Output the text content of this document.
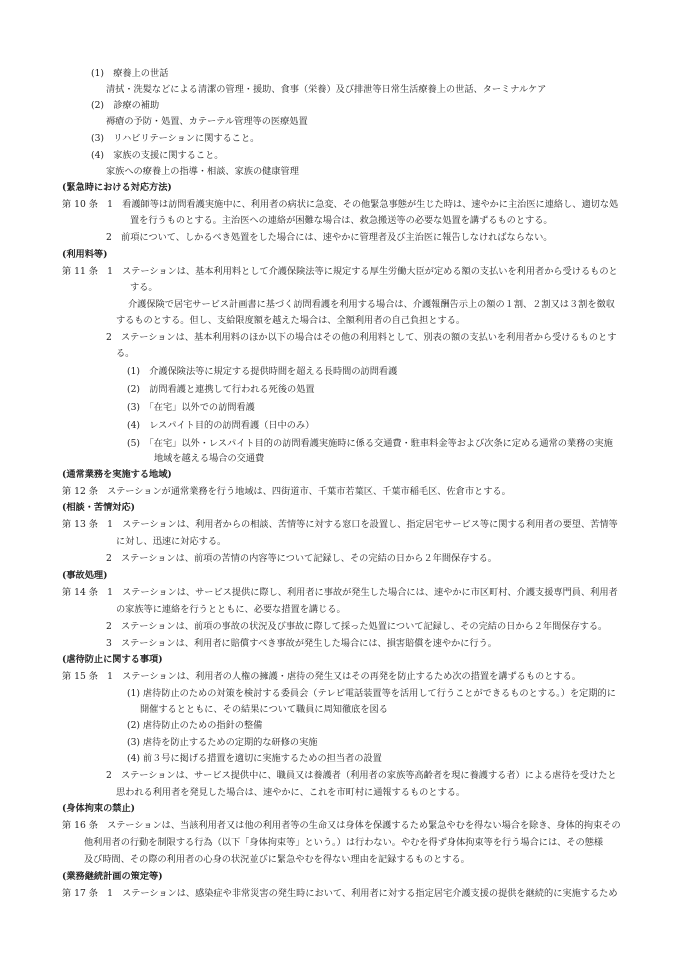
(1)　療養上の世話
清拭・洗髪などによる清潔の管理・援助、食事（栄養）及び排泄等日常生活療養上の世話、ターミナルケア
(2)　診療の補助
褥瘡の予防・処置、カテーテル管理等の医療処置
(3)　リハビリテーションに関すること。
(4)　家族の支援に関すること。
家族への療養上の指導・相談、家族の健康管理
(緊急時における対応方法)
第 10 条　1　看護師等は訪問看護実施中に、利用者の病状に急変、その他緊急事態が生じた時は、速やかに主治医に連絡し、適切な処
置を行うものとする。主治医への連絡が困難な場合は、救急搬送等の必要な処置を講ずるものとする。
2　前項について、しかるべき処置をした場合には、速やかに管理者及び主治医に報告しなければならない。
(利用料等)
第 11 条　1　ステーションは、基本利用料として介護保険法等に規定する厚生労働大臣が定める額の支払いを利用者から受けるものと
する。
介護保険で居宅サービス計画書に基づく訪問看護を利用する場合は、介護報酬告示上の額の１割、２割又は３割を徴収
するものとする。但し、支給限度額を越えた場合は、全額利用者の自己負担とする。
2　ステーションは、基本利用料のほか以下の場合はその他の利用料として、別表の額の支払いを利用者から受けるものとす
る。
(1)　介護保険法等に規定する提供時間を超える長時間の訪問看護
(2)　訪問看護と連携して行われる死後の処置
(3)　「在宅」以外での訪問看護
(4)　レスパイト目的の訪問看護（日中のみ）
(5)　「在宅」以外・レスパイト目的の訪問看護実施時に係る交通費・駐車料金等および次条に定める通常の業務の実施
地域を越える場合の交通費
(通常業務を実施する地域)
第 12 条　ステーションが通常業務を行う地域は、四街道市、千葉市若葉区、千葉市稲毛区、佐倉市とする。
(相談・苦情対応)
第 13 条　1　ステーションは、利用者からの相談、苦情等に対する窓口を設置し、指定居宅サービス等に関する利用者の要望、苦情等
に対し、迅速に対応する。
2　ステーションは、前項の苦情の内容等について記録し、その完結の日から２年間保存する。
(事故処理)
第 14 条　1　ステーションは、サービス提供に際し、利用者に事故が発生した場合には、速やかに市区町村、介護支援専門員、利用者
の家族等に連絡を行うとともに、必要な措置を講じる。
2　ステーションは、前項の事故の状況及び事故に際して採った処置について記録し、その完結の日から２年間保存する。
3　ステーションは、利用者に賠償すべき事故が発生した場合には、損害賠償を速やかに行う。
(虐待防止に関する事項)
第 15 条　1　ステーションは、利用者の人権の擁護・虐待の発生又はその再発を防止するため次の措置を講ずるものとする。
(1) 虐待防止のための対策を検討する委員会（テレビ電話装置等を活用して行うことができるものとする。）を定期的に
開催するとともに、その結果について職員に周知徹底を図る
(2) 虐待防止のための指針の整備
(3) 虐待を防止するための定期的な研修の実施
(4) 前３号に掲げる措置を適切に実施するための担当者の設置
2　ステーションは、サービス提供中に、職員又は養護者（利用者の家族等高齢者を現に養護する者）による虐待を受けたと
思われる利用者を発見した場合は、速やかに、これを市町村に通報するものとする。
(身体拘束の禁止)
第 16 条　ステーションは、当該利用者又は他の利用者等の生命又は身体を保護するため緊急やむを得ない場合を除き、身体的拘束その
他利用者の行動を制限する行為（以下「身体拘束等」という。）は行わない。やむを得ず身体拘束等を行う場合には、その態様
及び時間、その際の利用者の心身の状況並びに緊急やむを得ない理由を記録するものとする。
(業務継続計画の策定等)
第 17 条　1　ステーションは、感染症や非常災害の発生時において、利用者に対する指定居宅介護支援の提供を継続的に実施するため
